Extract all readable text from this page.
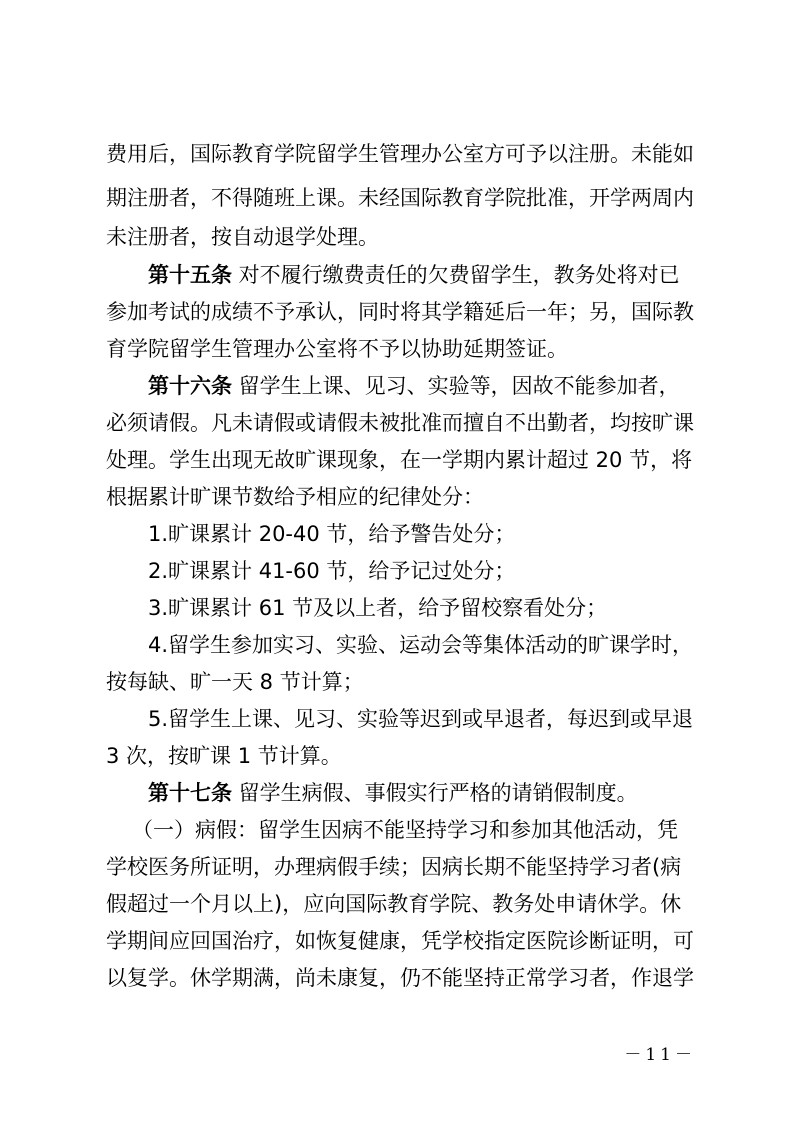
费用后，国际教育学院留学生管理办公室方可予以注册。未能如
期注册者，不得随班上课。未经国际教育学院批准，开学两周内
未注册者，按自动退学处理。
第十五条 对不履行缴费责任的欠费留学生，教务处将对已
参加考试的成绩不予承认，同时将其学籍延后一年；另，国际教
育学院留学生管理办公室将不予以协助延期签证。
第十六条 留学生上课、见习、实验等，因故不能参加者，
必须请假。凡未请假或请假未被批准而擅自不出勤者，均按旷课
处理。学生出现无故旷课现象，在一学期内累计超过 20 节，将
根据累计旷课节数给予相应的纪律处分：
1.旷课累计 20-40 节，给予警告处分；
2.旷课累计 41-60 节，给予记过处分；
3.旷课累计 61 节及以上者，给予留校察看处分；
4.留学生参加实习、实验、运动会等集体活动的旷课学时，
按每缺、旷一天 8 节计算；
5.留学生上课、见习、实验等迟到或早退者，每迟到或早退
3 次，按旷课 1 节计算。
第十七条 留学生病假、事假实行严格的请销假制度。
（一）病假：留学生因病不能坚持学习和参加其他活动，凭
学校医务所证明，办理病假手续；因病长期不能坚持学习者(病
假超过一个月以上)，应向国际教育学院、教务处申请休学。休
学期间应回国治疗，如恢复健康，凭学校指定医院诊断证明，可
以复学。休学期满，尚未康复，仍不能坚持正常学习者，作退学
－11－
